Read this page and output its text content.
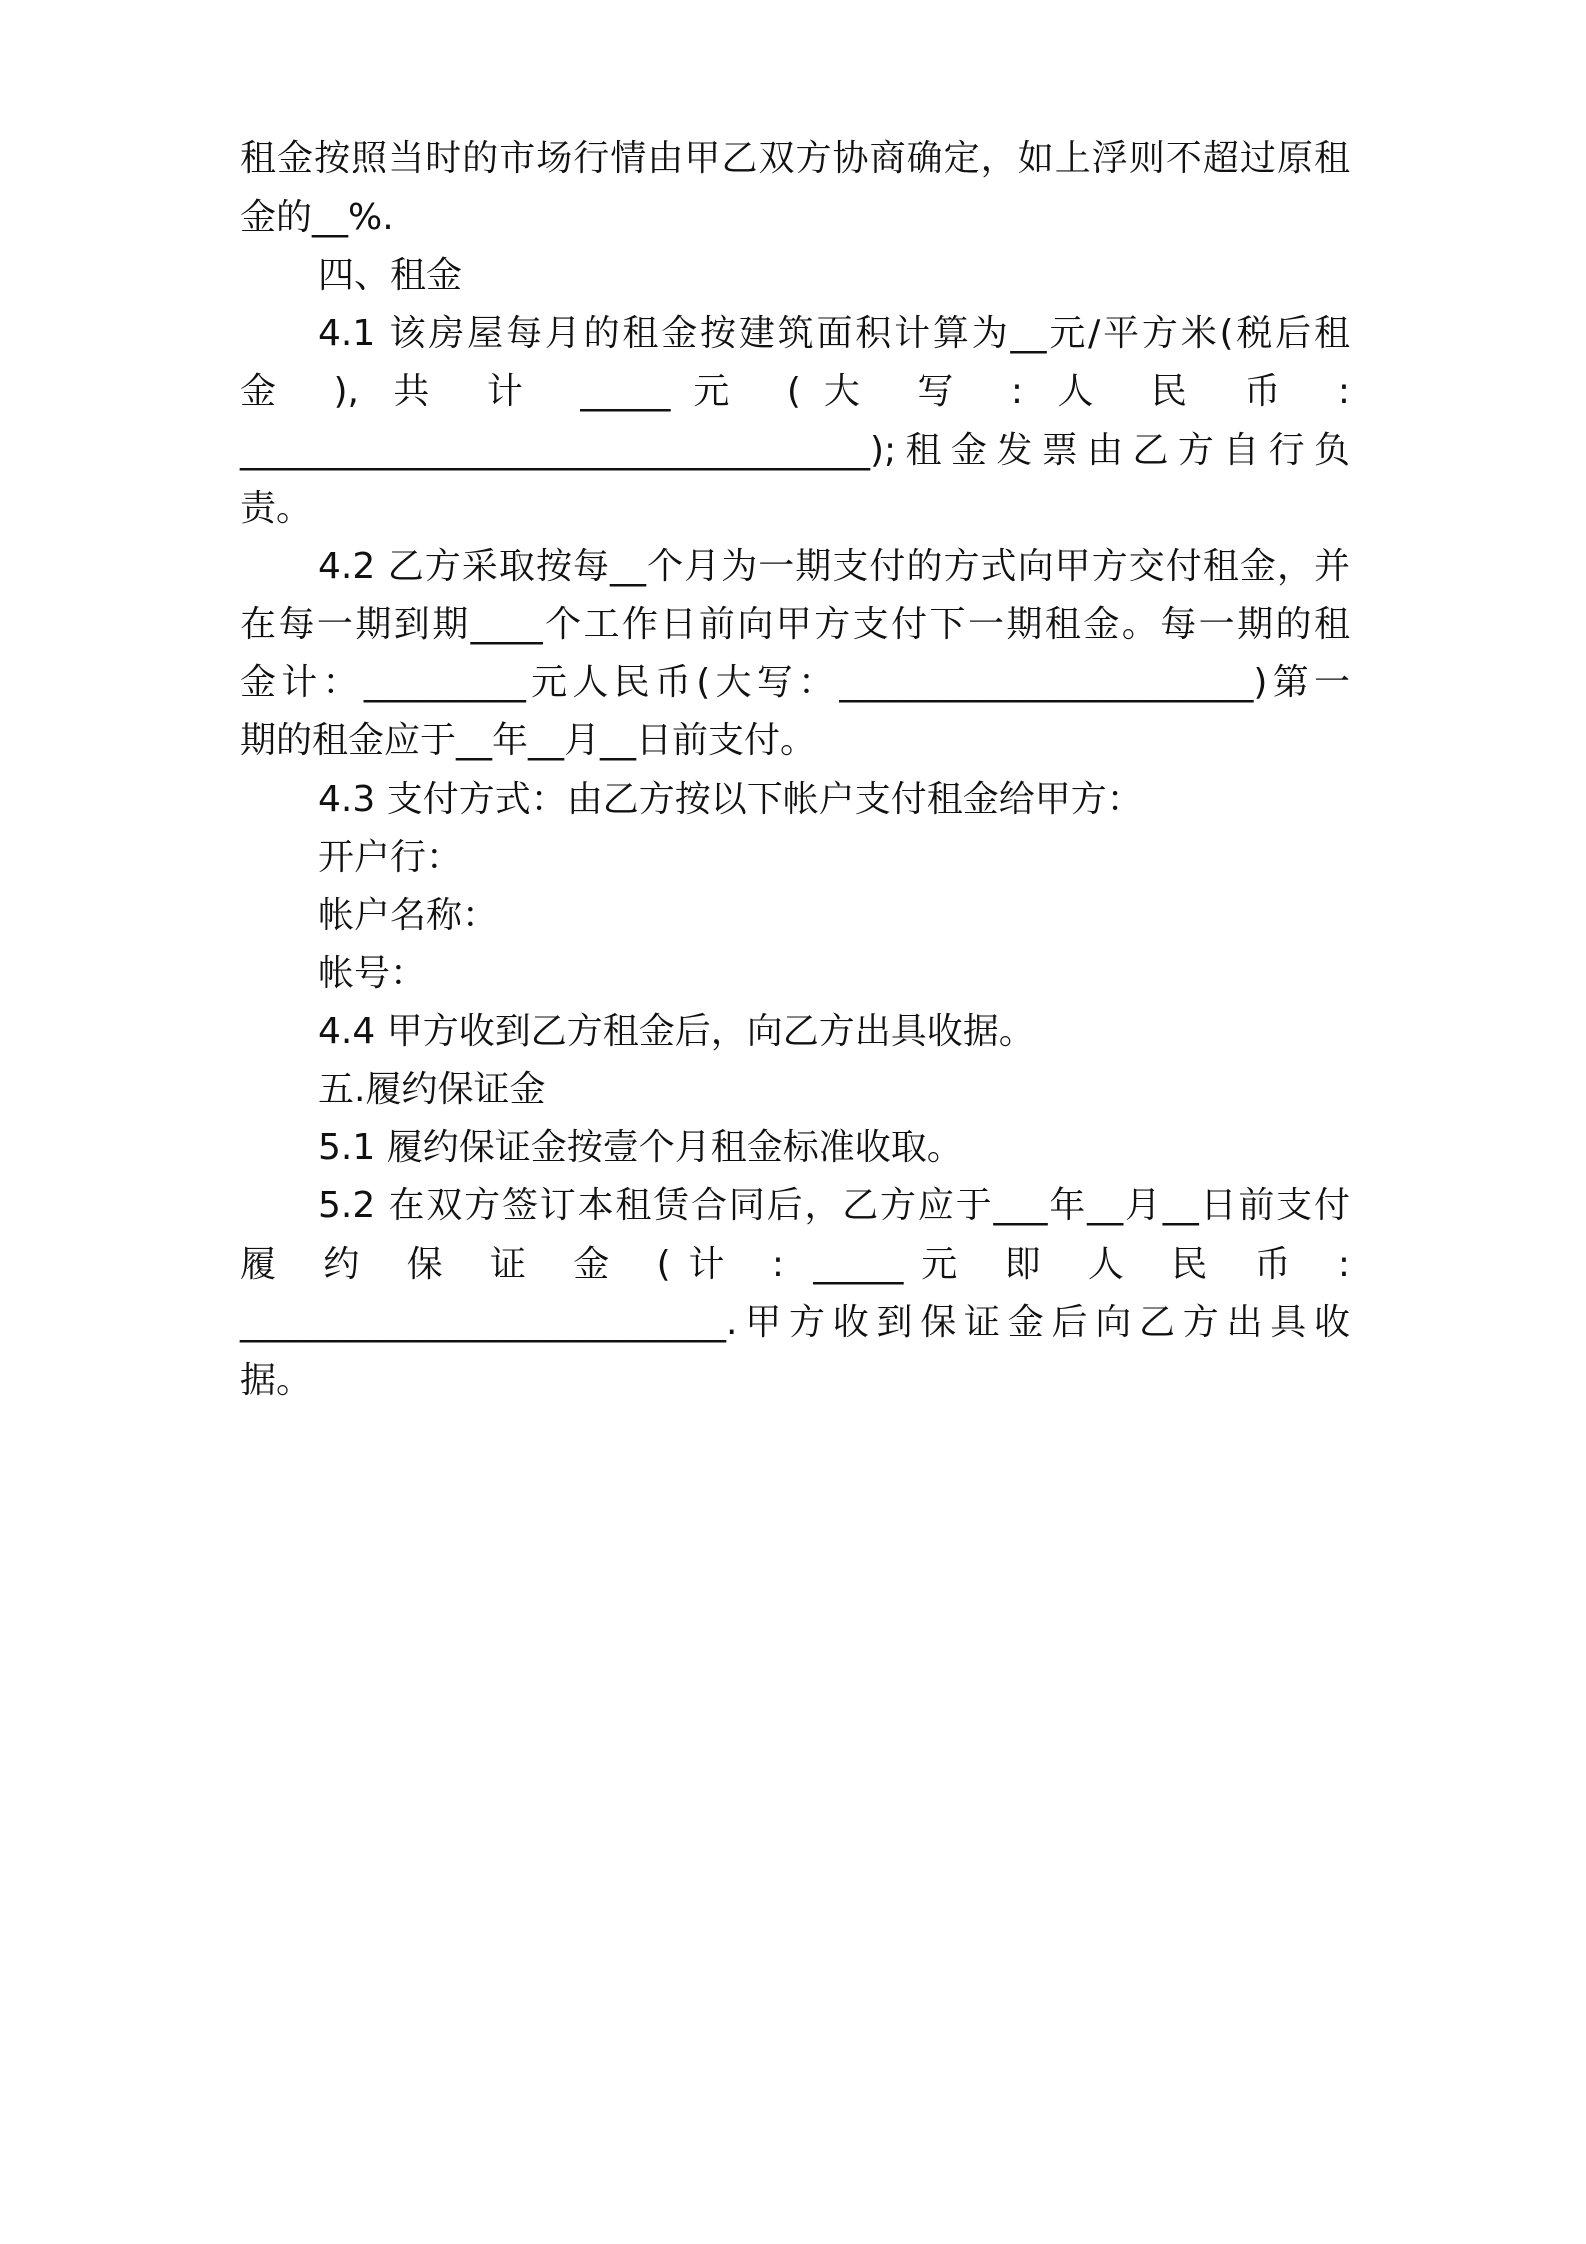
租金按照当时的市场行情由甲乙双方协商确定，如上浮则不超过原租
金的__%.
四、租金
4.1 该房屋每月的租金按建筑面积计算为__元/平方米(税后租
金 ), 共 计 _____元 (大 写 : 人 民 币 :
___________________________________);租金发票由乙方自行负
责。
4.2 乙方采取按每__个月为一期支付的方式向甲方交付租金，并
在每一期到期____个工作日前向甲方支付下一期租金。每一期的租
金计：_________元人民币(大写：_______________________)第一
期的租金应于__年__月__日前支付。
4.3 支付方式：由乙方按以下帐户支付租金给甲方：
开户行：
帐户名称：
帐号：
4.4 甲方收到乙方租金后，向乙方出具收据。
五.履约保证金
5.1 履约保证金按壹个月租金标准收取。
5.2 在双方签订本租赁合同后，乙方应于___年__月__日前支付
履 约 保 证 金 (计 : _____元 即 人 民 币 :
___________________________.甲方收到保证金后向乙方出具收
据。
